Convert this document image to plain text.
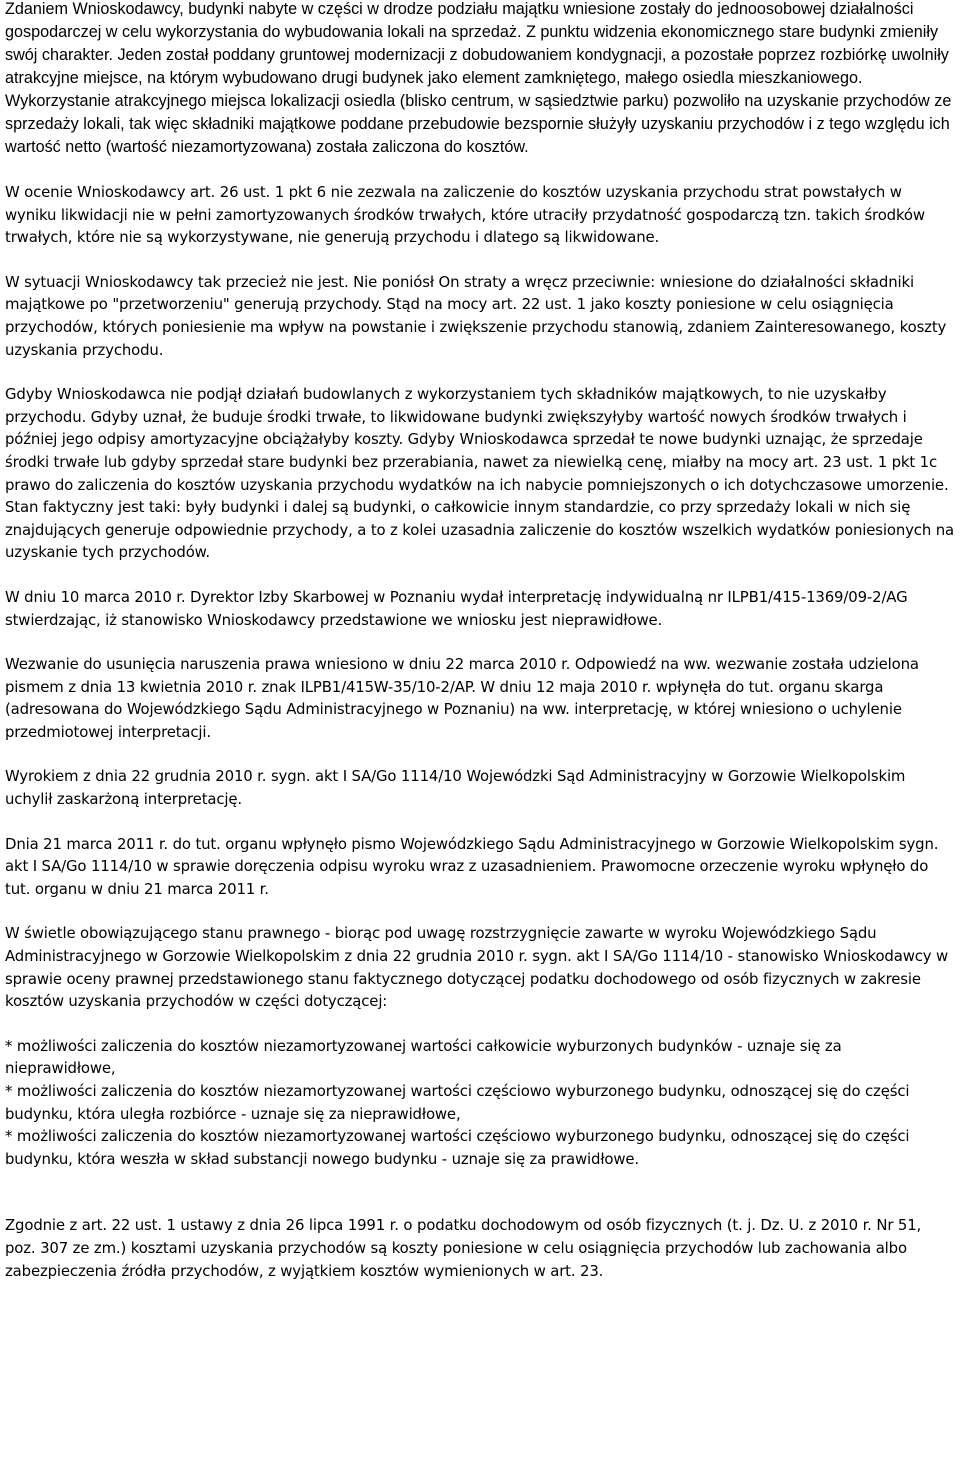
Zdaniem Wnioskodawcy, budynki nabyte w części w drodze podziału majątku wniesione zostały do jednoosobowej działalności gospodarczej w celu wykorzystania do wybudowania lokali na sprzedaż. Z punktu widzenia ekonomicznego stare budynki zmieniły swój charakter. Jeden został poddany gruntowej modernizacji z dobudowaniem kondygnacji, a pozostałe poprzez rozbiórkę uwolniły atrakcyjne miejsce, na którym wybudowano drugi budynek jako element zamkniętego, małego osiedla mieszkaniowego. Wykorzystanie atrakcyjnego miejsca lokalizacji osiedla (blisko centrum, w sąsiedztwie parku) pozwoliło na uzyskanie przychodów ze sprzedaży lokali, tak więc składniki majątkowe poddane przebudowie bezspornie służyły uzyskaniu przychodów i z tego względu ich wartość netto (wartość niezamortyzowana) została zaliczona do kosztów.

W ocenie Wnioskodawcy art. 26 ust. 1 pkt 6 nie zezwala na zaliczenie do kosztów uzyskania przychodu strat powstałych w wyniku likwidacji nie w pełni zamortyzowanych środków trwałych, które utraciły przydatność gospodarczą tzn. takich środków trwałych, które nie są wykorzystywane, nie generują przychodu i dlatego są likwidowane.

W sytuacji Wnioskodawcy tak przecież nie jest. Nie poniósł On straty a wręcz przeciwnie: wniesione do działalności składniki majątkowe po "przetworzeniu" generują przychody. Stąd na mocy art. 22 ust. 1 jako koszty poniesione w celu osiągnięcia przychodów, których poniesienie ma wpływ na powstanie i zwiększenie przychodu stanowią, zdaniem Zainteresowanego, koszty uzyskania przychodu.

Gdyby Wnioskodawca nie podjął działań budowlanych z wykorzystaniem tych składników majątkowych, to nie uzyskałby przychodu. Gdyby uznał, że buduje środki trwałe, to likwidowane budynki zwiększyłyby wartość nowych środków trwałych i później jego odpisy amortyzacyjne obciążałyby koszty. Gdyby Wnioskodawca sprzedał te nowe budynki uznając, że sprzedaje środki trwałe lub gdyby sprzedał stare budynki bez przerabiania, nawet za niewielką cenę, miałby na mocy art. 23 ust. 1 pkt 1c prawo do zaliczenia do kosztów uzyskania przychodu wydatków na ich nabycie pomniejszonych o ich dotychczasowe umorzenie. Stan faktyczny jest taki: były budynki i dalej są budynki, o całkowicie innym standardzie, co przy sprzedaży lokali w nich się znajdujących generuje odpowiednie przychody, a to z kolei uzasadnia zaliczenie do kosztów wszelkich wydatków poniesionych na uzyskanie tych przychodów.

W dniu 10 marca 2010 r. Dyrektor Izby Skarbowej w Poznaniu wydał interpretację indywidualną nr ILPB1/415-1369/09-2/AG stwierdzając, iż stanowisko Wnioskodawcy przedstawione we wniosku jest nieprawidłowe.

Wezwanie do usunięcia naruszenia prawa wniesiono w dniu 22 marca 2010 r. Odpowiedź na ww. wezwanie została udzielona pismem z dnia 13 kwietnia 2010 r. znak ILPB1/415W-35/10-2/AP. W dniu 12 maja 2010 r. wpłynęła do tut. organu skarga (adresowana do Wojewódzkiego Sądu Administracyjnego w Poznaniu) na ww. interpretację, w której wniesiono o uchylenie przedmiotowej interpretacji.

Wyrokiem z dnia 22 grudnia 2010 r. sygn. akt I SA/Go 1114/10 Wojewódzki Sąd Administracyjny w Gorzowie Wielkopolskim uchylił zaskarżoną interpretację.

Dnia 21 marca 2011 r. do tut. organu wpłynęło pismo Wojewódzkiego Sądu Administracyjnego w Gorzowie Wielkopolskim sygn. akt I SA/Go 1114/10 w sprawie doręczenia odpisu wyroku wraz z uzasadnieniem. Prawomocne orzeczenie wyroku wpłynęło do tut. organu w dniu 21 marca 2011 r.

W świetle obowiązującego stanu prawnego - biorąc pod uwagę rozstrzygnięcie zawarte w wyroku Wojewódzkiego Sądu Administracyjnego w Gorzowie Wielkopolskim z dnia 22 grudnia 2010 r. sygn. akt I SA/Go 1114/10 - stanowisko Wnioskodawcy w sprawie oceny prawnej przedstawionego stanu faktycznego dotyczącej podatku dochodowego od osób fizycznych w zakresie kosztów uzyskania przychodów w części dotyczącej:

* możliwości zaliczenia do kosztów niezamortyzowanej wartości całkowicie wyburzonych budynków - uznaje się za nieprawidłowe,

* możliwości zaliczenia do kosztów niezamortyzowanej wartości częściowo wyburzonego budynku, odnoszącej się do części budynku, która uległa rozbiórce - uznaje się za nieprawidłowe,

* możliwości zaliczenia do kosztów niezamortyzowanej wartości częściowo wyburzonego budynku, odnoszącej się do części budynku, która weszła w skład substancji nowego budynku - uznaje się za prawidłowe.

Zgodnie z art. 22 ust. 1 ustawy z dnia 26 lipca 1991 r. o podatku dochodowym od osób fizycznych (t. j. Dz. U. z 2010 r. Nr 51, poz. 307 ze zm.) kosztami uzyskania przychodów są koszty poniesione w celu osiągnięcia przychodów lub zachowania albo zabezpieczenia źródła przychodów, z wyjątkiem kosztów wymienionych w art. 23.
